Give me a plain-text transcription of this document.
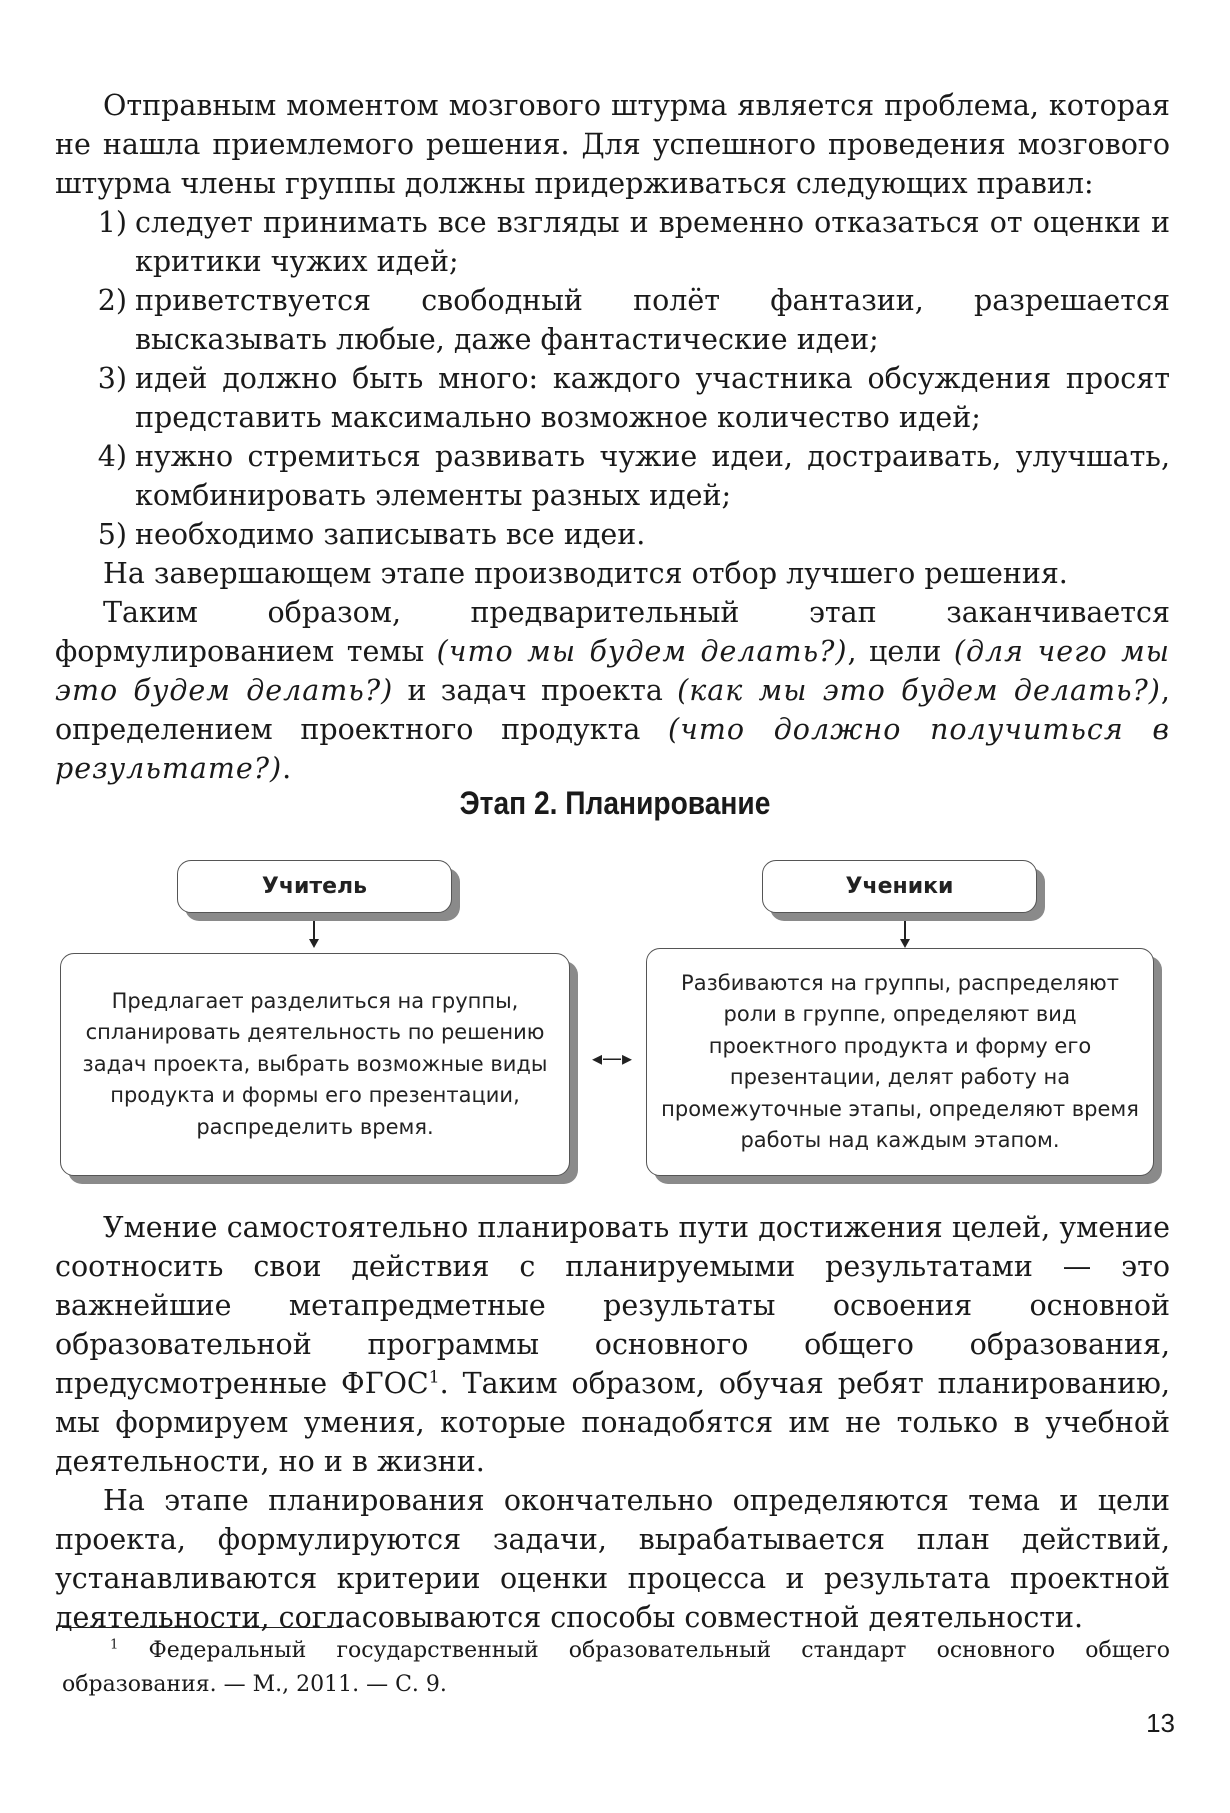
Отправным моментом мозгового штурма является проблема, которая не нашла приемлемого решения. Для успешного проведения мозгового штурма члены группы должны придерживаться следующих правил:

1) следует принимать все взгляды и временно отказаться от оценки и критики чужих идей;
2) приветствуется свободный полёт фантазии, разрешается высказывать любые, даже фантастические идеи;
3) идей должно быть много: каждого участника обсуждения просят представить максимально возможное количество идей;
4) нужно стремиться развивать чужие идеи, достраивать, улучшать, комбинировать элементы разных идей;
5) необходимо записывать все идеи.

На завершающем этапе производится отбор лучшего решения.

Таким образом, предварительный этап заканчивается формулированием темы (что мы будем делать?), цели (для чего мы это будем делать?) и задач проекта (как мы это будем делать?), определением проектного продукта (что должно получиться в результате?).

Этап 2. Планирование
Учитель
Предлагает разделиться на группы, спланировать деятельность по решению задач проекта, выбрать возможные виды продукта и формы его презентации, распределить время.
Ученики
Разбиваются на группы, распределяют роли в группе, определяют вид проектного продукта и форму его презентации, делят работу на промежуточные этапы, определяют время работы над каждым этапом.
◂—▸

Умение самостоятельно планировать пути достижения целей, умение соотносить свои действия с планируемыми результатами — это важнейшие метапредметные результаты освоения основной образовательной программы основного общего образования, предусмотренные ФГОС$^1$. Таким образом, обучая ребят планированию, мы формируем умения, которые понадобятся им не только в учебной деятельности, но и в жизни.

На этапе планирования окончательно определяются тема и цели проекта, формулируются задачи, вырабатывается план действий, устанавливаются критерии оценки процесса и результата проектной деятельности, согласовываются способы совместной деятельности.

$^1$ Федеральный государственный образовательный стандарт основного общего образования. — М., 2011. — С. 9.
13
